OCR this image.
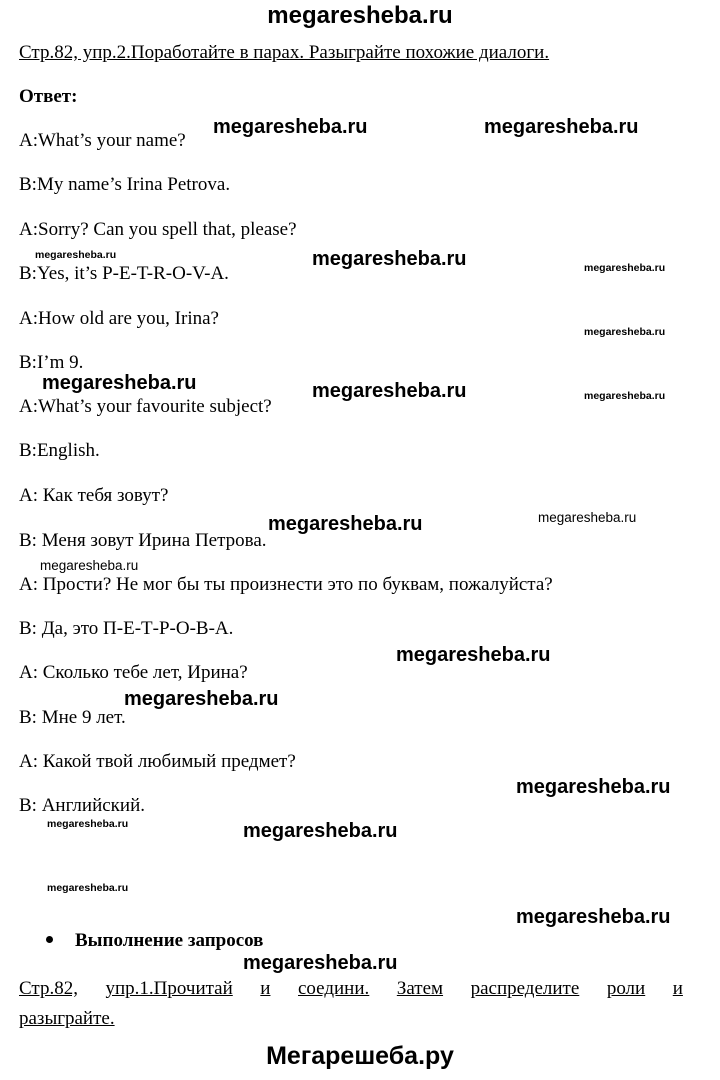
megaresheba.ru
Стр.82, упр.2.Поработайте в парах. Разыграйте похожие диалоги.
Ответ:
A:What’s your name?
B:My name’s Irina Petrova.
A:Sorry? Can you spell that, please?
B:Yes, it’s P-E-T-R-O-V-A.
A:How old are you, Irina?
B:I’m 9.
A:What’s your favourite subject?
B:English.
A: Как тебя зовут?
B: Меня зовут Ирина Петрова.
A: Прости? Не мог бы ты произнести это по буквам, пожалуйста?
B: Да, это П-Е-Т-Р-О-В-А.
A: Сколько тебе лет, Ирина?
B: Мне 9 лет.
A: Какой твой любимый предмет?
B: Английский.
Выполнение запросов
Стр.82, упр.1.Прочитай и соедини. Затем распределите роли и
разыграйте.
megaresheba.ru	megaresheba.ru
megaresheba.ru	megaresheba.ru	megaresheba.ru
megaresheba.ru
megaresheba.ru	megaresheba.ru	megaresheba.ru
megaresheba.ru	megaresheba.ru
megaresheba.ru
megaresheba.ru
megaresheba.ru
megaresheba.ru
megaresheba.ru	megaresheba.ru
megaresheba.ru
megaresheba.ru
megaresheba.ru
Мегарешеба.ру
